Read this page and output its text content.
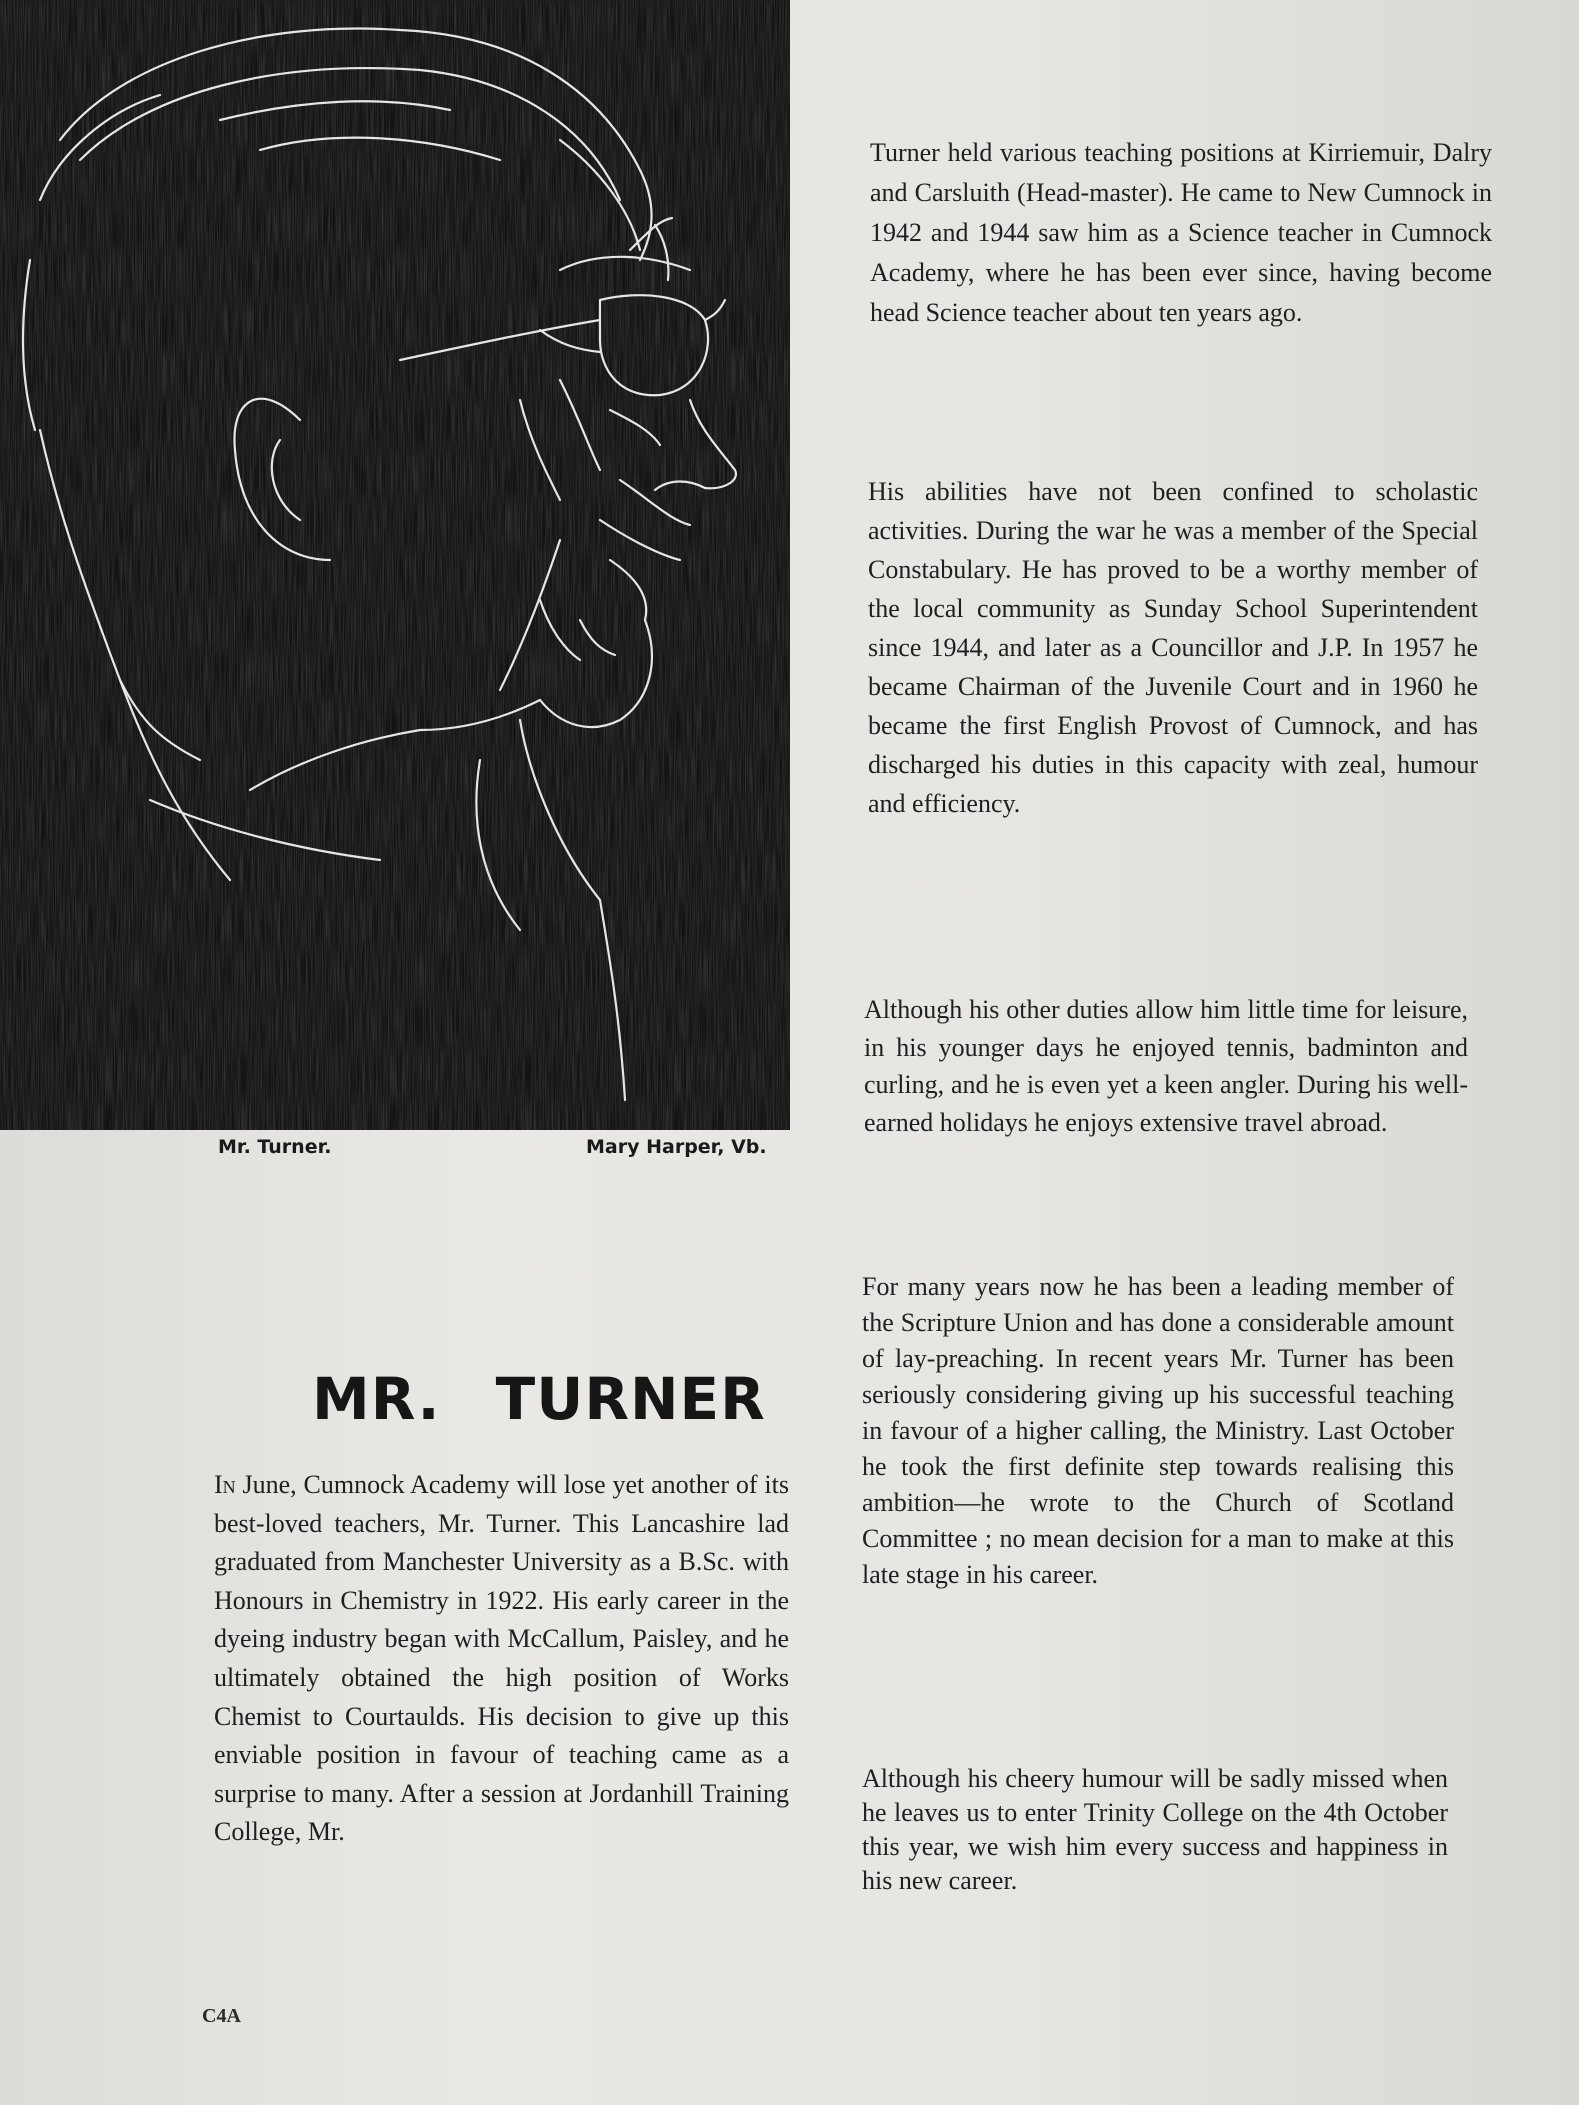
Mr. Turner.	Mary Harper, Vb.
MR. TURNER

In June, Cumnock Academy will lose yet another of its best-loved teachers, Mr. Turner. This Lancashire lad graduated from Manchester University as a B.Sc. with Honours in Chemistry in 1922. His early career in the dyeing industry began with McCallum, Paisley, and he ultimately obtained the high position of Works Chemist to Courtaulds. His decision to give up this enviable position in favour of teaching came as a surprise to many. After a session at Jordanhill Training College, Mr.

Turner held various teaching positions at Kirriemuir, Dalry and Carsluith (Head-master). He came to New Cumnock in 1942 and 1944 saw him as a Science teacher in Cumnock Academy, where he has been ever since, having become head Science teacher about ten years ago.

His abilities have not been confined to scholastic activities. During the war he was a member of the Special Constabulary. He has proved to be a worthy member of the local community as Sunday School Superintendent since 1944, and later as a Councillor and J.P. In 1957 he became Chairman of the Juvenile Court and in 1960 he became the first English Provost of Cumnock, and has discharged his duties in this capacity with zeal, humour and efficiency.

Although his other duties allow him little time for leisure, in his younger days he enjoyed tennis, badminton and curling, and he is even yet a keen angler. During his well-earned holidays he enjoys extensive travel abroad.

For many years now he has been a leading member of the Scripture Union and has done a considerable amount of lay-preaching. In recent years Mr. Turner has been seriously considering giving up his successful teaching in favour of a higher calling, the Ministry. Last October he took the first definite step towards realising this ambition—he wrote to the Church of Scotland Committee ; no mean decision for a man to make at this late stage in his career.

Although his cheery humour will be sadly missed when he leaves us to enter Trinity College on the 4th October this year, we wish him every success and happiness in his new career.

C4A
